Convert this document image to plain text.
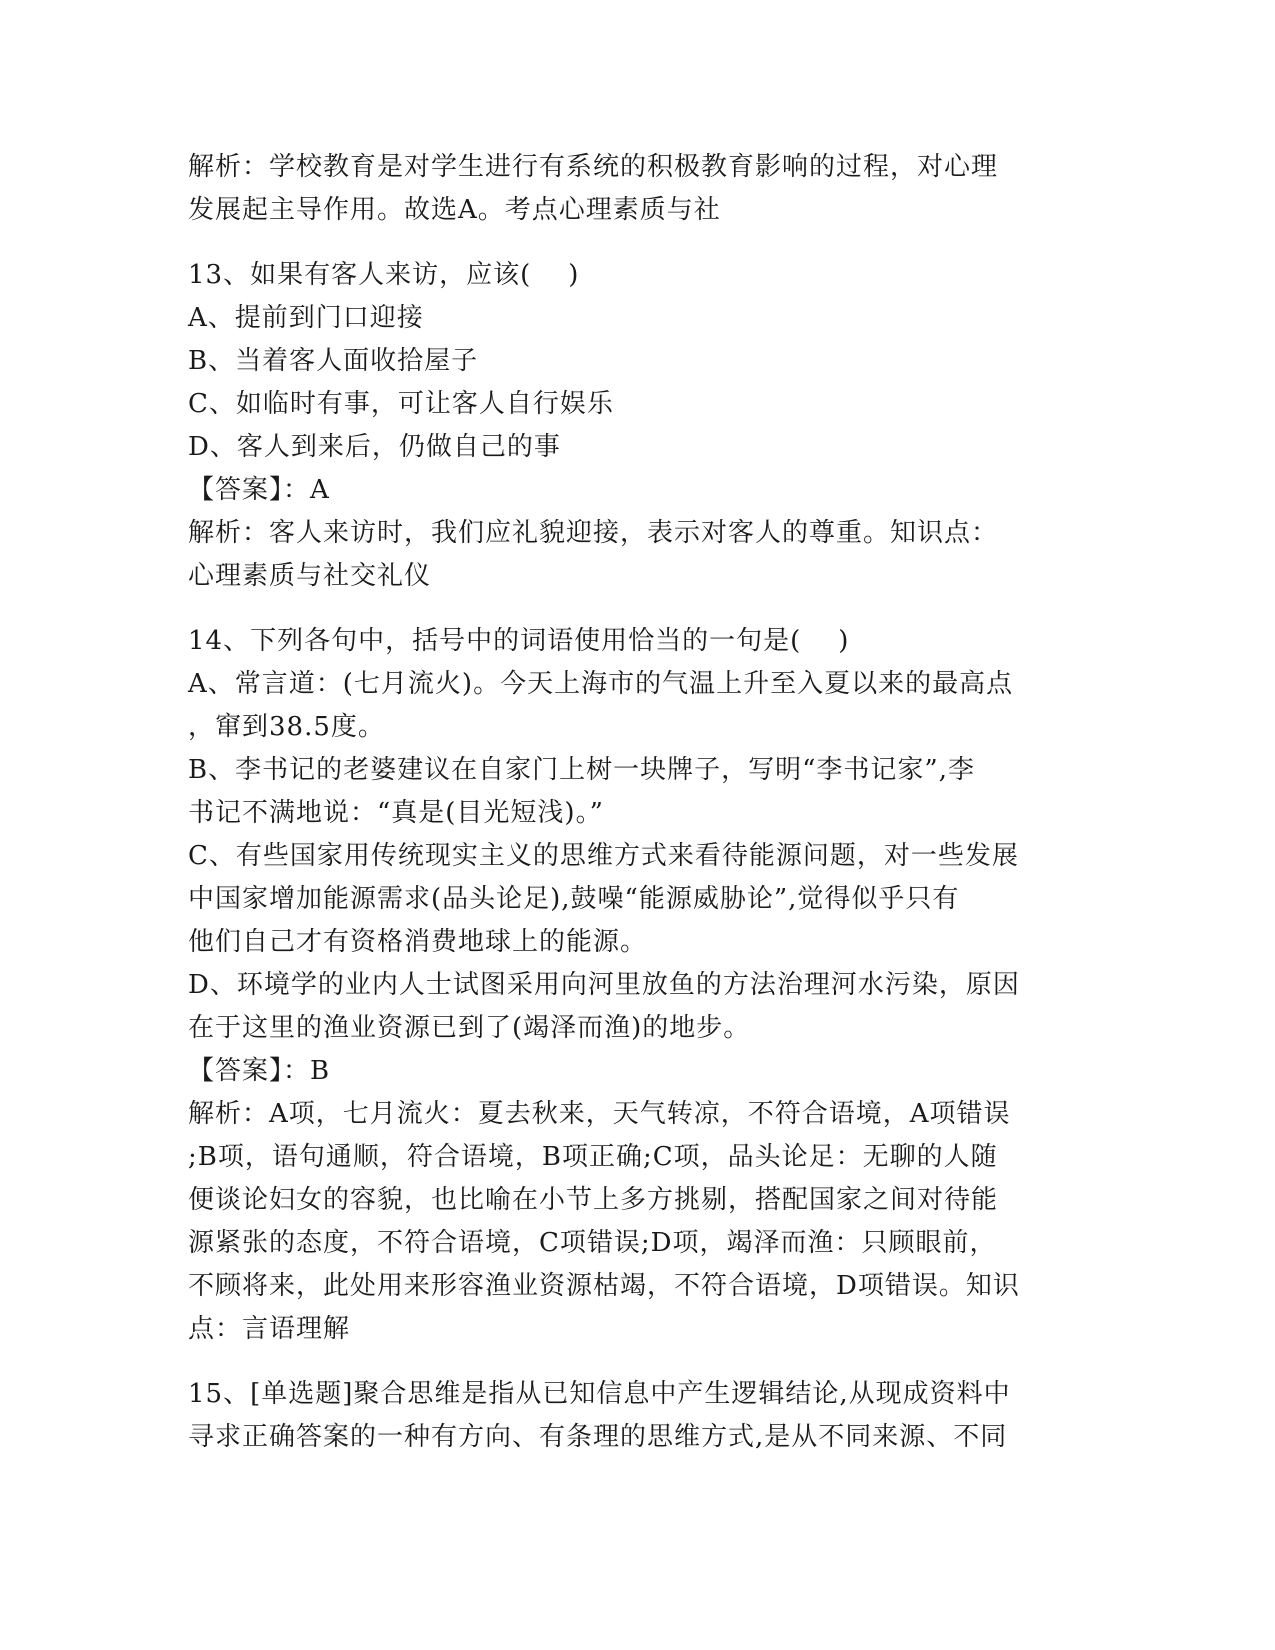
解析：学校教育是对学生进行有系统的积极教育影响的过程，对心理
发展起主导作用。故选A。考点心理素质与社
13、如果有客人来访，应该(    )
A、提前到门口迎接
B、当着客人面收拾屋子
C、如临时有事，可让客人自行娱乐
D、客人到来后，仍做自己的事
【答案】：A
解析：客人来访时，我们应礼貌迎接，表示对客人的尊重。知识点：
心理素质与社交礼仪
14、下列各句中，括号中的词语使用恰当的一句是(    )
A、常言道：(七月流火)。今天上海市的气温上升至入夏以来的最高点
，窜到38.5度。
B、李书记的老婆建议在自家门上树一块牌子，写明“李书记家”,李
书记不满地说：“真是(目光短浅)。”
C、有些国家用传统现实主义的思维方式来看待能源问题，对一些发展
中国家增加能源需求(品头论足),鼓噪“能源威胁论”,觉得似乎只有
他们自己才有资格消费地球上的能源。
D、环境学的业内人士试图采用向河里放鱼的方法治理河水污染，原因
在于这里的渔业资源已到了(竭泽而渔)的地步。
【答案】：B
解析：A项，七月流火：夏去秋来，天气转凉，不符合语境，A项错误
;B项，语句通顺，符合语境，B项正确;C项，品头论足：无聊的人随
便谈论妇女的容貌，也比喻在小节上多方挑剔，搭配国家之间对待能
源紧张的态度，不符合语境，C项错误;D项，竭泽而渔：只顾眼前，
不顾将来，此处用来形容渔业资源枯竭，不符合语境，D项错误。知识
点：言语理解
15、[单选题]聚合思维是指从已知信息中产生逻辑结论,从现成资料中
寻求正确答案的一种有方向、有条理的思维方式,是从不同来源、不同
